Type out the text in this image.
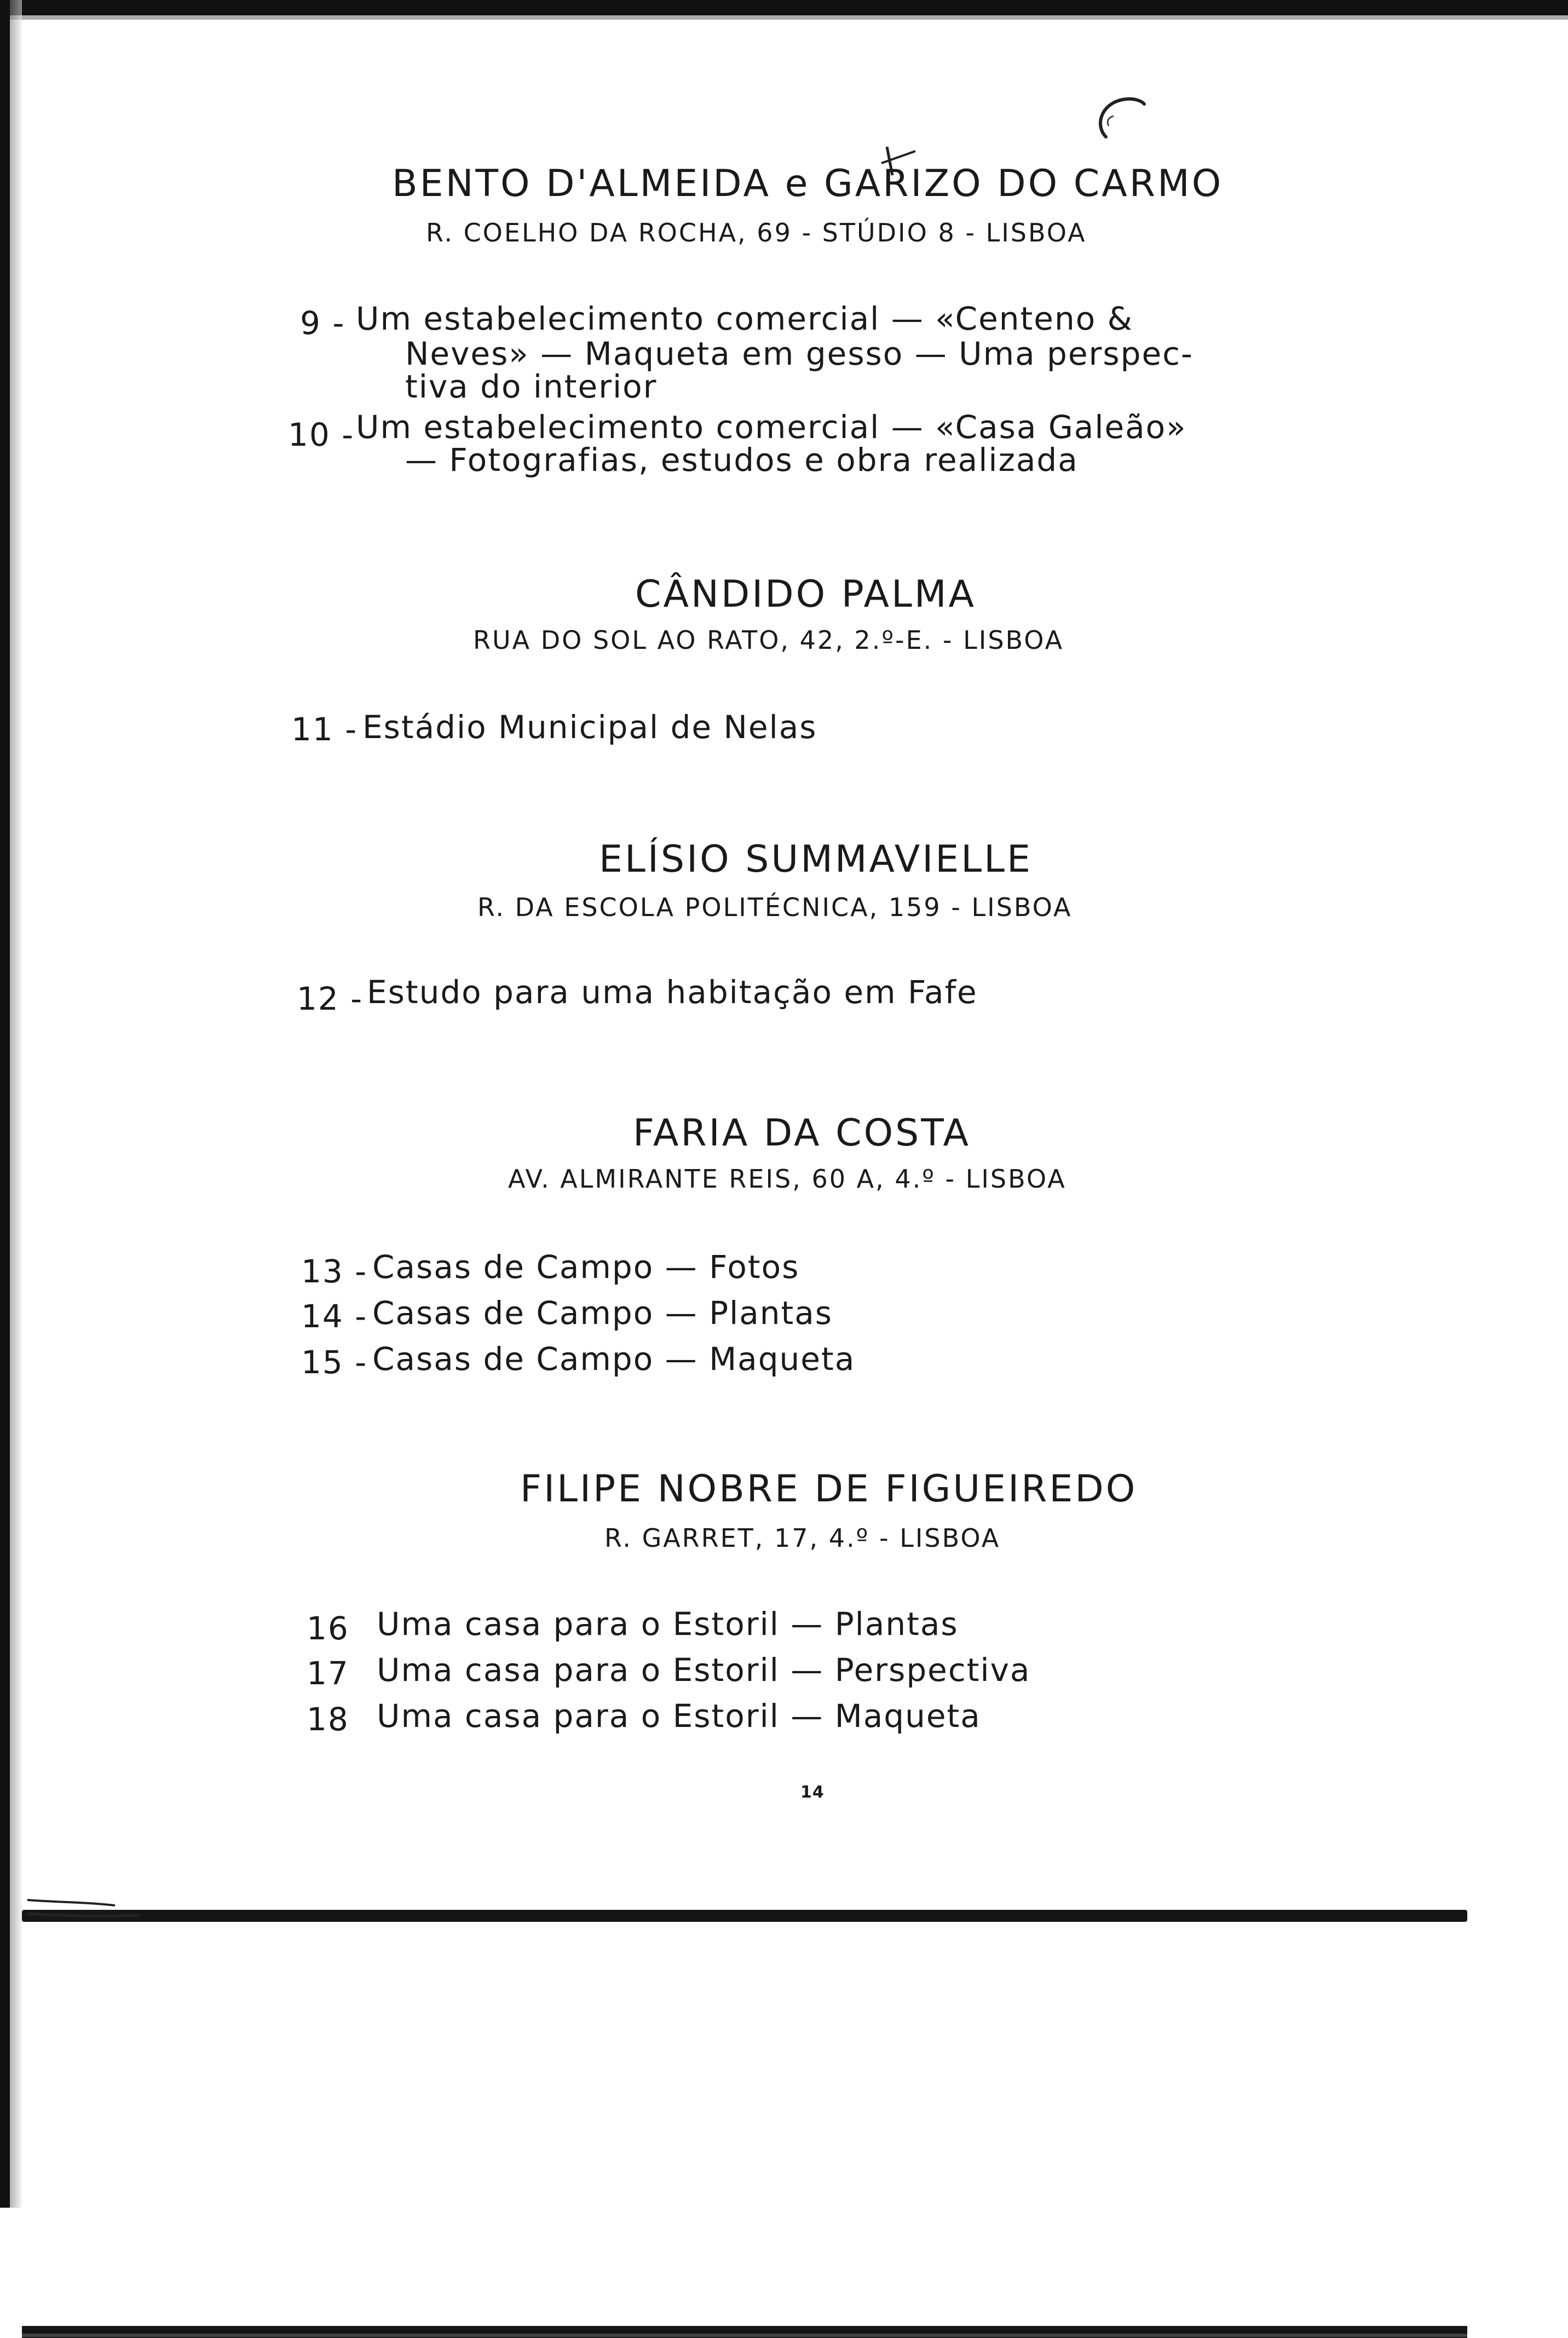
BENTO D'ALMEIDA e GARIZO DO CARMO
R. COELHO DA ROCHA, 69 - STÚDIO 8 - LISBOA
9 - Um estabelecimento comercial — «Centeno &
Neves» — Maqueta em gesso — Uma perspec-
tiva do interior
10 - Um estabelecimento comercial — «Casa Galeão»
— Fotografias, estudos e obra realizada
CÂNDIDO PALMA
RUA DO SOL AO RATO, 42, 2.º-E. - LISBOA
11 - Estádio Municipal de Nelas
ELÍSIO SUMMAVIELLE
R. DA ESCOLA POLITÉCNICA, 159 - LISBOA
12 - Estudo para uma habitação em Fafe
FARIA DA COSTA
AV. ALMIRANTE REIS, 60 A, 4.º - LISBOA
13 - Casas de Campo — Fotos
14 - Casas de Campo — Plantas
15 - Casas de Campo — Maqueta
FILIPE NOBRE DE FIGUEIREDO
R. GARRET, 17, 4.º - LISBOA
16 Uma casa para o Estoril — Plantas
17 Uma casa para o Estoril — Perspectiva
18 Uma casa para o Estoril — Maqueta
14
